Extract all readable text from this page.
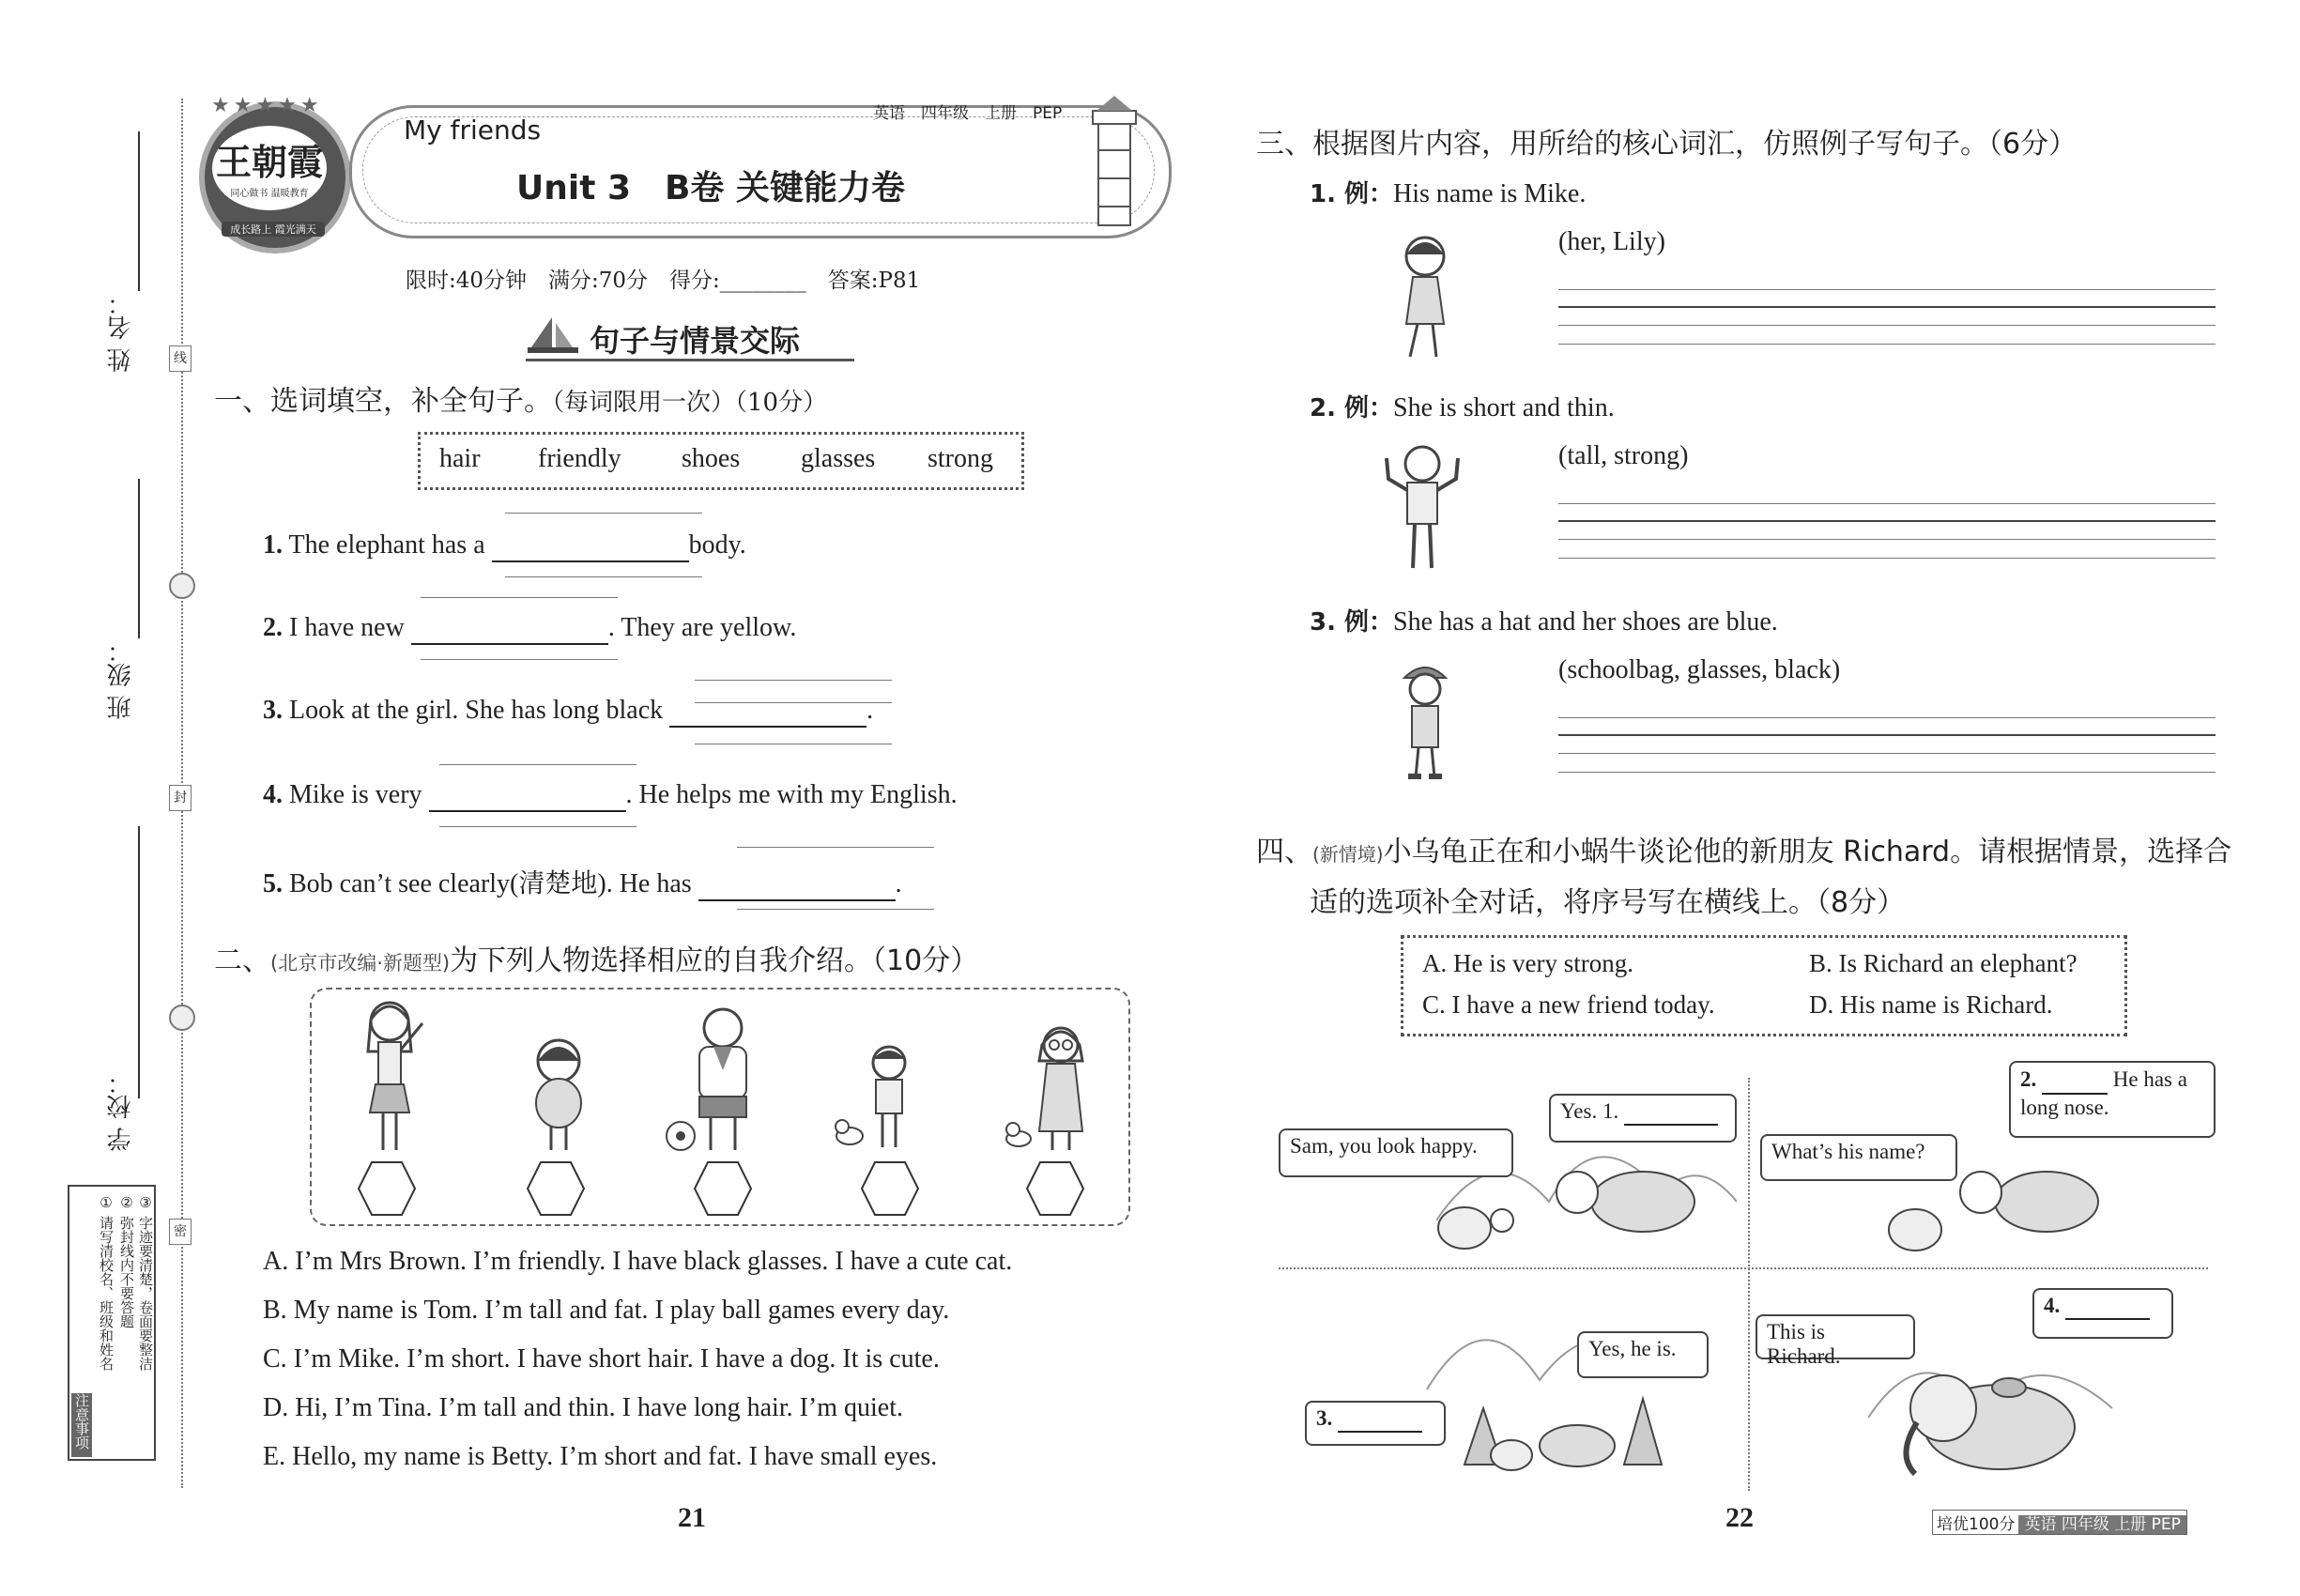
姓 名：
班 级：
学 校：
线
封
密
注意事项
① 请写清校名、班级和姓名 ② 弥封线内不要答题 ③ 字迹要清楚，卷面要整洁
王朝霞
同心做书 温暖教育
成长路上 霞光满天
★★★★★
My friends
英语　四年级　上册　PEP
Unit 3　B卷 关键能力卷
限时:40分钟　满分:70分　得分:________　答案:P81
句子与情景交际
一、选词填空，补全句子。（每词限用一次）（10分）
hair friendly shoes glasses strong
1. The elephant has a	body.
2. I have new	. They are yellow.
3. Look at the girl. She has long black	.
4. Mike is very	. He helps me with my English.
5. Bob can’t see clearly(清楚地). He has	.
二、(北京市改编·新题型)为下列人物选择相应的自我介绍。（10分）
A. I’m Mrs Brown. I’m friendly. I have black glasses. I have a cute cat.
B. My name is Tom. I’m tall and fat. I play ball games every day.
C. I’m Mike. I’m short. I have short hair. I have a dog. It is cute.
D. Hi, I’m Tina. I’m tall and thin. I have long hair. I’m quiet.
E. Hello, my name is Betty. I’m short and fat. I have small eyes.
21
三、根据图片内容，用所给的核心词汇，仿照例子写句子。（6分）
1. 例：His name is Mike.
(her, Lily)
2. 例：She is short and thin.
(tall, strong)
3. 例：She has a hat and her shoes are blue.
(schoolbag, glasses, black)
四、(新情境)小乌龟正在和小蜗牛谈论他的新朋友 Richard。请根据情景，选择合
适的选项补全对话，将序号写在横线上。（8分）
A. He is very strong.	B. Is Richard an elephant?
C. I have a new friend today.	D. His name is Richard.
Sam, you look happy.
Yes. 1.
What’s his name?
2.	He has a long nose.
Yes, he is.
3.
This is Richard.
4.
22	培优100分 英语 四年级 上册 PEP
